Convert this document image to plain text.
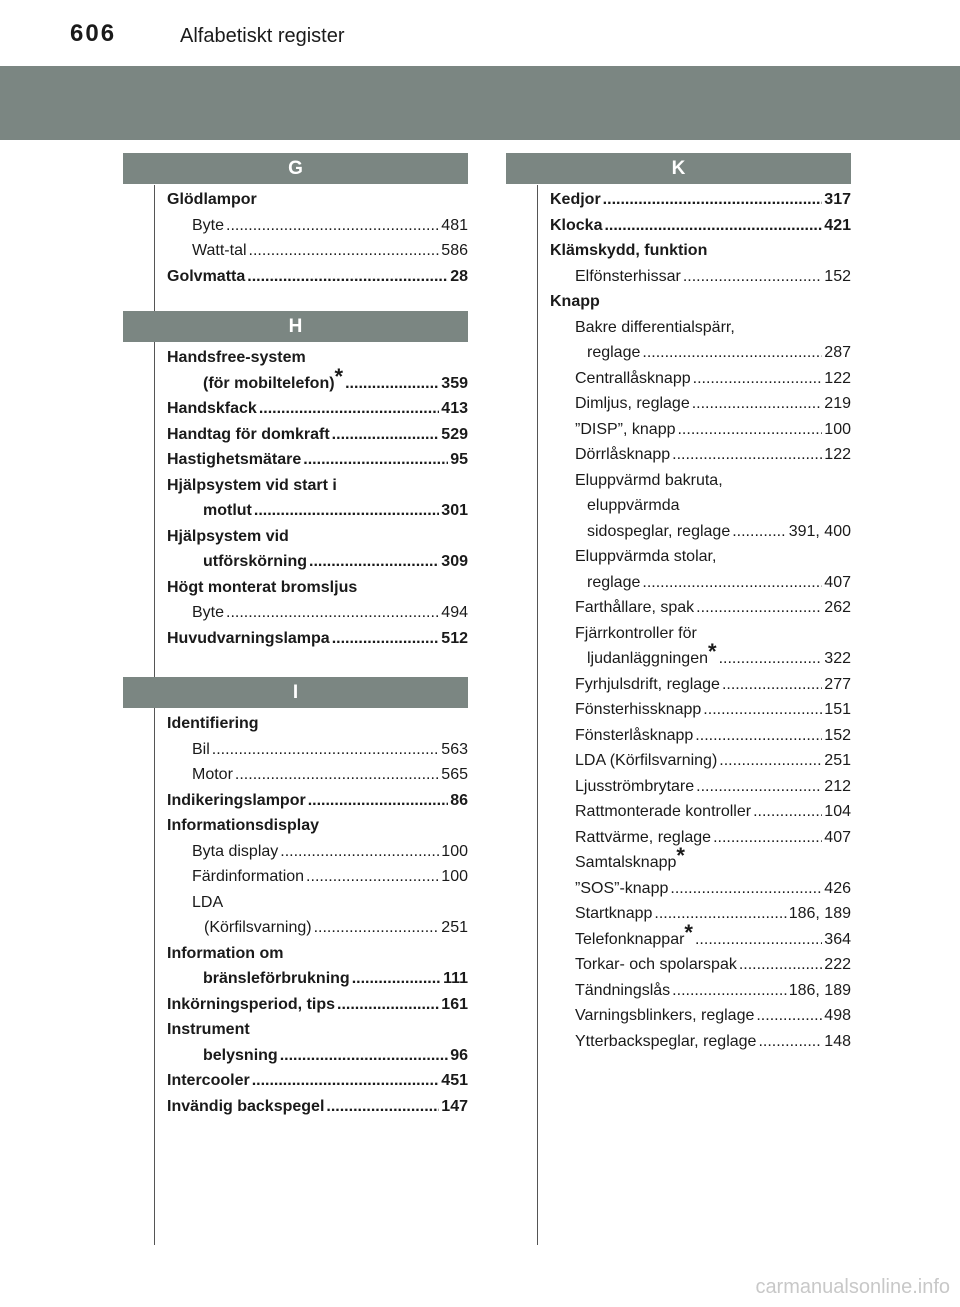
606	Alfabetiskt register
G
Glödlampor
Byte .....	481
Watt-tal .....	586
Golvmatta .....	28
H
Handsfree-system
(för mobiltelefon)* .....	359
Handskfack .....	413
Handtag för domkraft .....	529
Hastighetsmätare .....	95
Hjälpsystem vid start i
motlut .....	301
Hjälpsystem vid
utförskörning .....	309
Högt monterat bromsljus
Byte .....	494
Huvudvarningslampa .....	512
I
Identifiering
Bil .....	563
Motor .....	565
Indikeringslampor .....	86
Informationsdisplay
Byta display .....	100
Färdinformation .....	100
LDA
(Körfilsvarning) .....	251
Information om
bränsleförbrukning .....	111
Inkörningsperiod, tips .....	161
Instrument
belysning .....	96
Intercooler .....	451
Invändig backspegel .....	147
K
Kedjor .....	317
Klocka .....	421
Klämskydd, funktion
Elfönsterhissar .....	152
Knapp
Bakre differentialspärr,
reglage .....	287
Centrallåsknapp .....	122
Dimljus, reglage .....	219
”DISP”, knapp .....	100
Dörrlåsknapp .....	122
Eluppvärmd bakruta,
eluppvärmda
sidospeglar, reglage .....	391, 400
Eluppvärmda stolar,
reglage .....	407
Farthållare, spak .....	262
Fjärrkontroller för
ljudanläggningen* .....	322
Fyrhjulsdrift, reglage .....	277
Fönsterhissknapp .....	151
Fönsterlåsknapp .....	152
LDA (Körfilsvarning) .....	251
Ljusströmbrytare .....	212
Rattmonterade kontroller .....	104
Rattvärme, reglage .....	407
Samtalsknapp*
”SOS”-knapp .....	426
Startknapp .....	186, 189
Telefonknappar* .....	364
Torkar- och spolarspak .....	222
Tändningslås .....	186, 189
Varningsblinkers, reglage .....	498
Ytterbackspeglar, reglage .....	148
carmanualsonline.info
